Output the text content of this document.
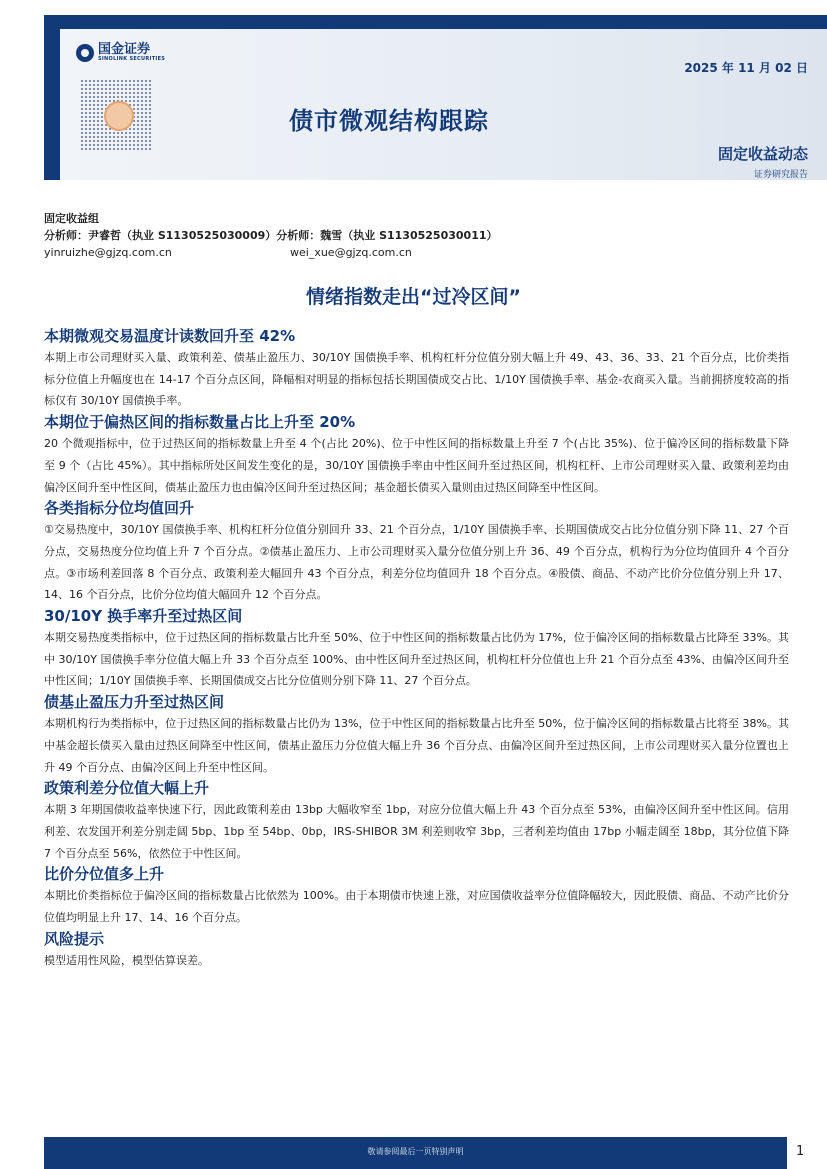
国金证券
SINOLINK SECURITIES
2025 年 11 月 02 日
债市微观结构跟踪
固定收益动态
证券研究报告
固定收益组
分析师：尹睿哲（执业 S1130525030009）分析师：魏雪（执业 S1130525030011）
yinruizhe@gjzq.com.cn	wei_xue@gjzq.com.cn
情绪指数走出“过冷区间”
本期微观交易温度计读数回升至 42%
本期上市公司理财买入量、政策利差、债基止盈压力、30/10Y 国债换手率、机构杠杆分位值分别大幅上升 49、43、36、33、21 个百分点，比价类指标分位值上升幅度也在 14-17 个百分点区间，降幅相对明显的指标包括长期国债成交占比、1/10Y 国债换手率、基金-农商买入量。当前拥挤度较高的指标仅有 30/10Y 国债换手率。
本期位于偏热区间的指标数量占比上升至 20%
20 个微观指标中，位于过热区间的指标数量上升至 4 个(占比 20%)、位于中性区间的指标数量上升至 7 个(占比 35%)、位于偏冷区间的指标数量下降至 9 个（占比 45%）。其中指标所处区间发生变化的是，30/10Y 国债换手率由中性区间升至过热区间，机构杠杆、上市公司理财买入量、政策利差均由偏冷区间升至中性区间，债基止盈压力也由偏冷区间升至过热区间；基金超长债买入量则由过热区间降至中性区间。
各类指标分位均值回升
①交易热度中，30/10Y 国债换手率、机构杠杆分位值分别回升 33、21 个百分点，1/10Y 国债换手率、长期国债成交占比分位值分别下降 11、27 个百分点，交易热度分位均值上升 7 个百分点。②债基止盈压力、上市公司理财买入量分位值分别上升 36、49 个百分点，机构行为分位均值回升 4 个百分点。③市场利差回落 8 个百分点、政策利差大幅回升 43 个百分点，利差分位均值回升 18 个百分点。④股债、商品、不动产比价分位值分别上升 17、14、16 个百分点，比价分位均值大幅回升 12 个百分点。
30/10Y 换手率升至过热区间
本期交易热度类指标中，位于过热区间的指标数量占比升至 50%、位于中性区间的指标数量占比仍为 17%，位于偏冷区间的指标数量占比降至 33%。其中 30/10Y 国债换手率分位值大幅上升 33 个百分点至 100%、由中性区间升至过热区间，机构杠杆分位值也上升 21 个百分点至 43%、由偏冷区间升至中性区间；1/10Y 国债换手率、长期国债成交占比分位值则分别下降 11、27 个百分点。
债基止盈压力升至过热区间
本期机构行为类指标中，位于过热区间的指标数量占比仍为 13%，位于中性区间的指标数量占比升至 50%，位于偏冷区间的指标数量占比将至 38%。其中基金超长债买入量由过热区间降至中性区间，债基止盈压力分位值大幅上升 36 个百分点、由偏冷区间升至过热区间，上市公司理财买入量分位置也上升 49 个百分点、由偏冷区间上升至中性区间。
政策利差分位值大幅上升
本期 3 年期国债收益率快速下行，因此政策利差由 13bp 大幅收窄至 1bp，对应分位值大幅上升 43 个百分点至 53%，由偏冷区间升至中性区间。信用利差、农发国开利差分别走阔 5bp、1bp 至 54bp、0bp，IRS-SHIBOR 3M 利差则收窄 3bp，三者利差均值由 17bp 小幅走阔至 18bp，其分位值下降 7 个百分点至 56%，依然位于中性区间。
比价分位值多上升
本期比价类指标位于偏冷区间的指标数量占比依然为 100%。由于本期债市快速上涨，对应国债收益率分位值降幅较大，因此股债、商品、不动产比价分位值均明显上升 17、14、16 个百分点。
风险提示
模型适用性风险，模型估算误差。
敬请参阅最后一页特别声明	1
